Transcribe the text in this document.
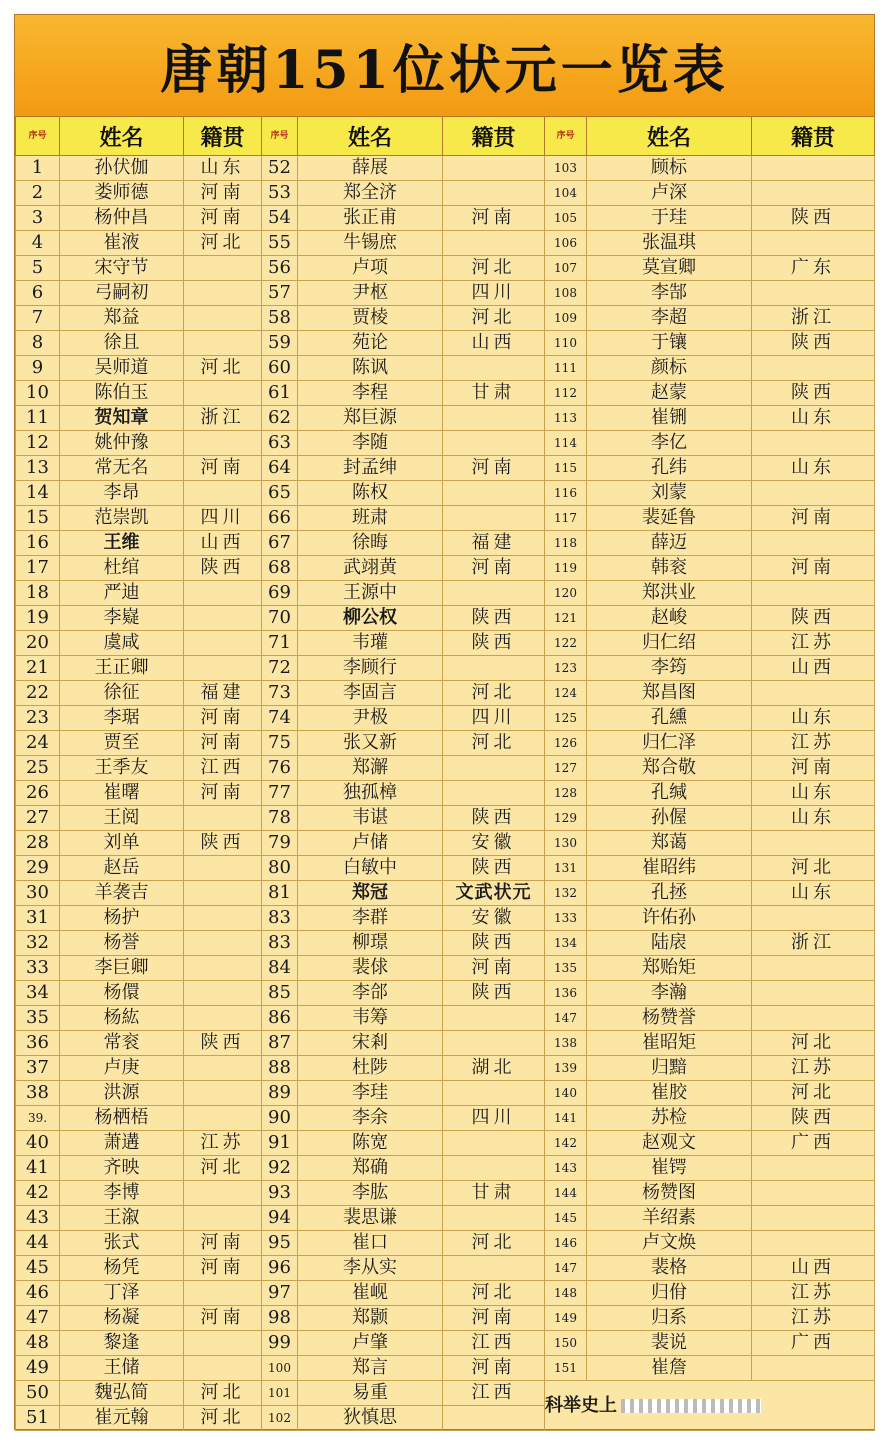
唐朝151位状元一览表
序号	姓名	籍贯	序号	姓名	籍贯	序号	姓名	籍贯
1	孙伏伽	山东	52	薛展		103	顾标	
2	娄师德	河南	53	郑全济		104	卢深	
3	杨仲昌	河南	54	张正甫	河南	105	于珪	陕西
4	崔液	河北	55	牛锡庶		106	张温琪	
5	宋守节		56	卢项	河北	107	莫宣卿	广东
6	弓嗣初		57	尹枢	四川	108	李郜	
7	郑益		58	贾棱	河北	109	李超	浙江
8	徐且		59	苑论	山西	110	于镶	陕西
9	吴师道	河北	60	陈讽		111	颜标	
10	陈伯玉		61	李程	甘肃	112	赵蒙	陕西
11	贺知章	浙江	62	郑巨源		113	崔铏	山东
12	姚仲豫		63	李随		114	李亿	
13	常无名	河南	64	封孟绅	河南	115	孔纬	山东
14	李昂		65	陈权		116	刘蒙	
15	范崇凯	四川	66	班肃		117	裴延鲁	河南
16	王维	山西	67	徐晦	福建	118	薛迈	
17	杜绾	陕西	68	武翊黄	河南	119	韩衮	河南
18	严迪		69	王源中		120	郑洪业	
19	李嶷		70	柳公权	陕西	121	赵峻	陕西
20	虞咸		71	韦瓘	陕西	122	归仁绍	江苏
21	王正卿		72	李顾行		123	李筠	山西
22	徐征	福建	73	李固言	河北	124	郑昌图	
23	李琚	河南	74	尹极	四川	125	孔纁	山东
24	贾至	河南	75	张又新	河北	126	归仁泽	江苏
25	王季友	江西	76	郑澥		127	郑合敬	河南
26	崔曙	河南	77	独孤樟		128	孔缄	山东
27	王阅		78	韦谌	陕西	129	孙偓	山东
28	刘单	陕西	79	卢储	安徽	130	郑蔼	
29	赵岳		80	白敏中	陕西	131	崔昭纬	河北
30	羊袭吉		81	郑冠	文武状元	132	孔拯	山东
31	杨护		83	李群	安徽	133	许佑孙	
32	杨誉		83	柳璟	陕西	134	陆扆	浙江
33	李巨卿		84	裴俅	河南	135	郑贻矩	
34	杨儇		85	李郃	陕西	136	李瀚	
35	杨紘		86	韦筹		147	杨赞誉	
36	常衮	陕西	87	宋剎		138	崔昭矩	河北
37	卢庚		88	杜陟	湖北	139	归黯	江苏
38	洪源		89	李珪		140	崔胶	河北
39.	杨栖梧		90	李余	四川	141	苏检	陕西
40	萧遘	江苏	91	陈宽		142	赵观文	广西
41	齐映	河北	92	郑确		143	崔锷	
42	李博		93	李肱	甘肃	144	杨赞图	
43	王溆		94	裴思谦		145	羊绍素	
44	张式	河南	95	崔口	河北	146	卢文焕	
45	杨凭	河南	96	李从实		147	裴格	山西
46	丁泽		97	崔岘	河北	148	归佾	江苏
47	杨凝	河南	98	郑颢	河南	149	归系	江苏
48	黎逢		99	卢肇	江西	150	裴说	广西
49	王储		100	郑言	河南	151	崔詹	
50	魏弘简	河北	101	易重	江西	科举史上		
51	崔元翰	河北	102	狄慎思				
